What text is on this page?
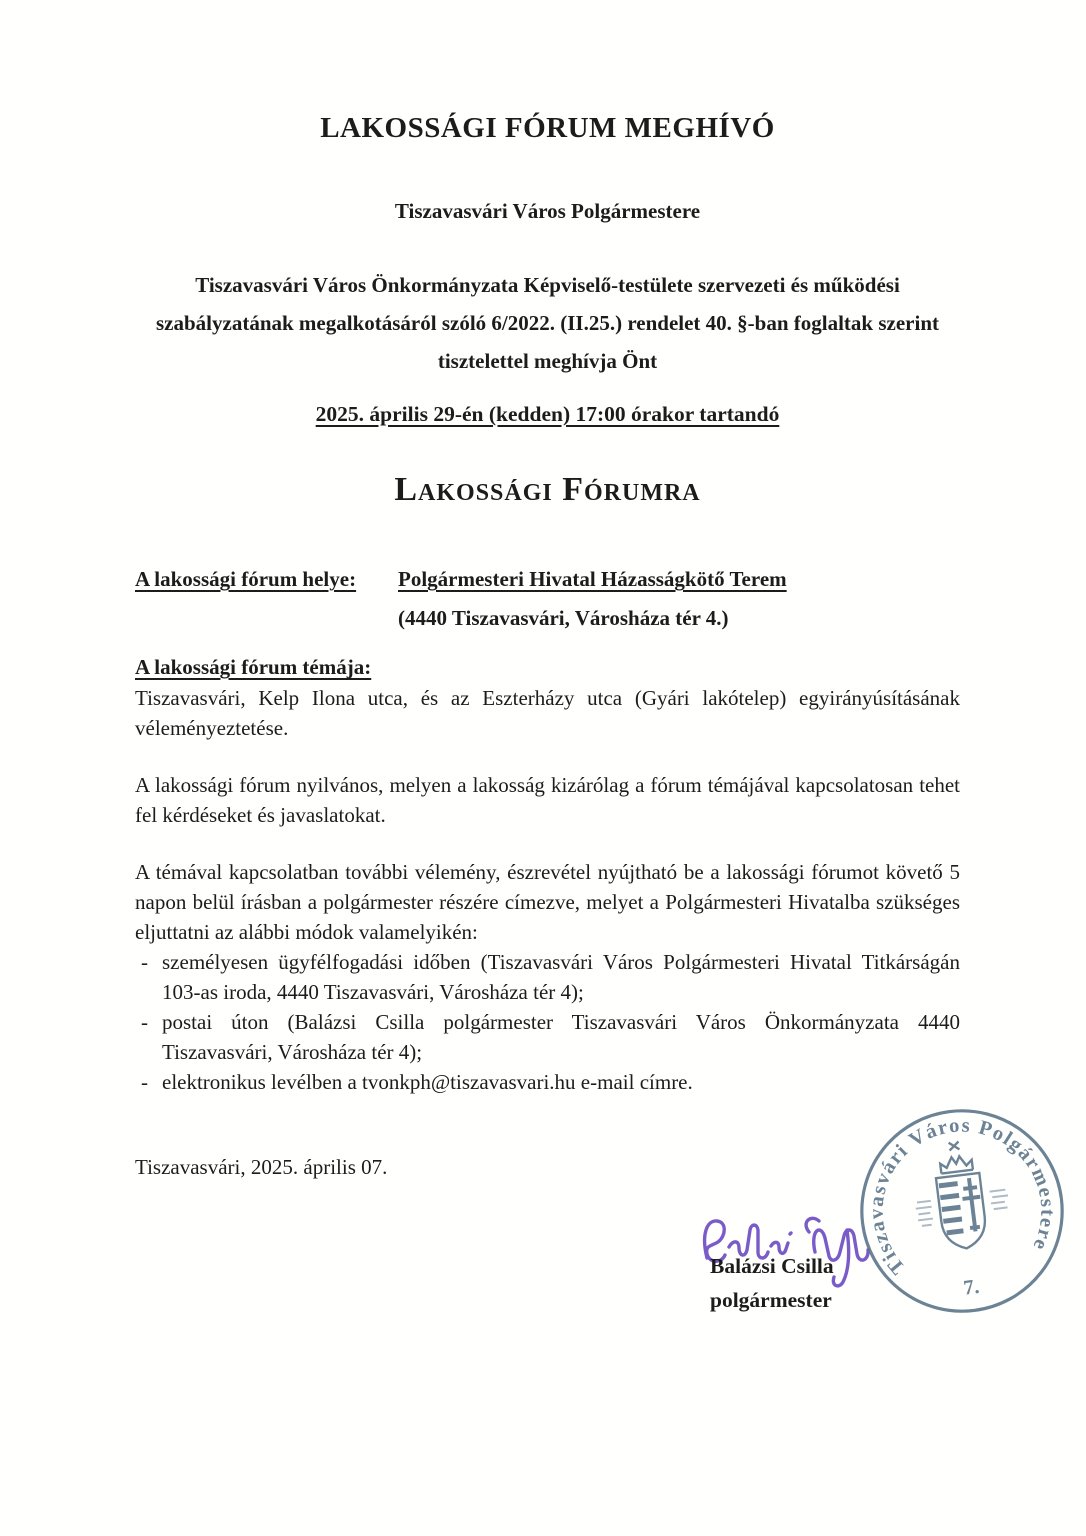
LAKOSSÁGI FÓRUM MEGHÍVÓ
Tiszavasvári Város Polgármestere
Tiszavasvári Város Önkormányzata Képviselő-testülete szervezeti és működési szabályzatának megalkotásáról szóló 6/2022. (II.25.) rendelet 40. §-ban foglaltak szerint tisztelettel meghívja Önt
2025. április 29-én (kedden) 17:00 órakor tartandó
Lakossági Fórumra
A lakossági fórum helye:	Polgármesteri Hivatal Házasságkötő Terem
(4440 Tiszavasvári, Városháza tér 4.)
A lakossági fórum témája:

Tiszavasvári, Kelp Ilona utca, és az Eszterházy utca (Gyári lakótelep) egyirányúsításának véleményeztetése.

A lakossági fórum nyilvános, melyen a lakosság kizárólag a fórum témájával kapcsolatosan tehet fel kérdéseket és javaslatokat.

A témával kapcsolatban további vélemény, észrevétel nyújtható be a lakossági fórumot követő 5 napon belül írásban a polgármester részére címezve, melyet a Polgármesteri Hivatalba szükséges eljuttatni az alábbi módok valamelyikén:

- személyesen ügyfélfogadási időben (Tiszavasvári Város Polgármesteri Hivatal Titkárságán 103-as iroda, 4440 Tiszavasvári, Városháza tér 4);
- postai úton (Balázsi Csilla polgármester Tiszavasvári Város Önkormányzata 4440 Tiszavasvári, Városháza tér 4);
- elektronikus levélben a tvonkph@tiszavasvari.hu e-mail címre.
Tiszavasvári, 2025. április 07.
Balázsi Csilla
polgármester
Tiszavasvári Város Polgármestere
7.
